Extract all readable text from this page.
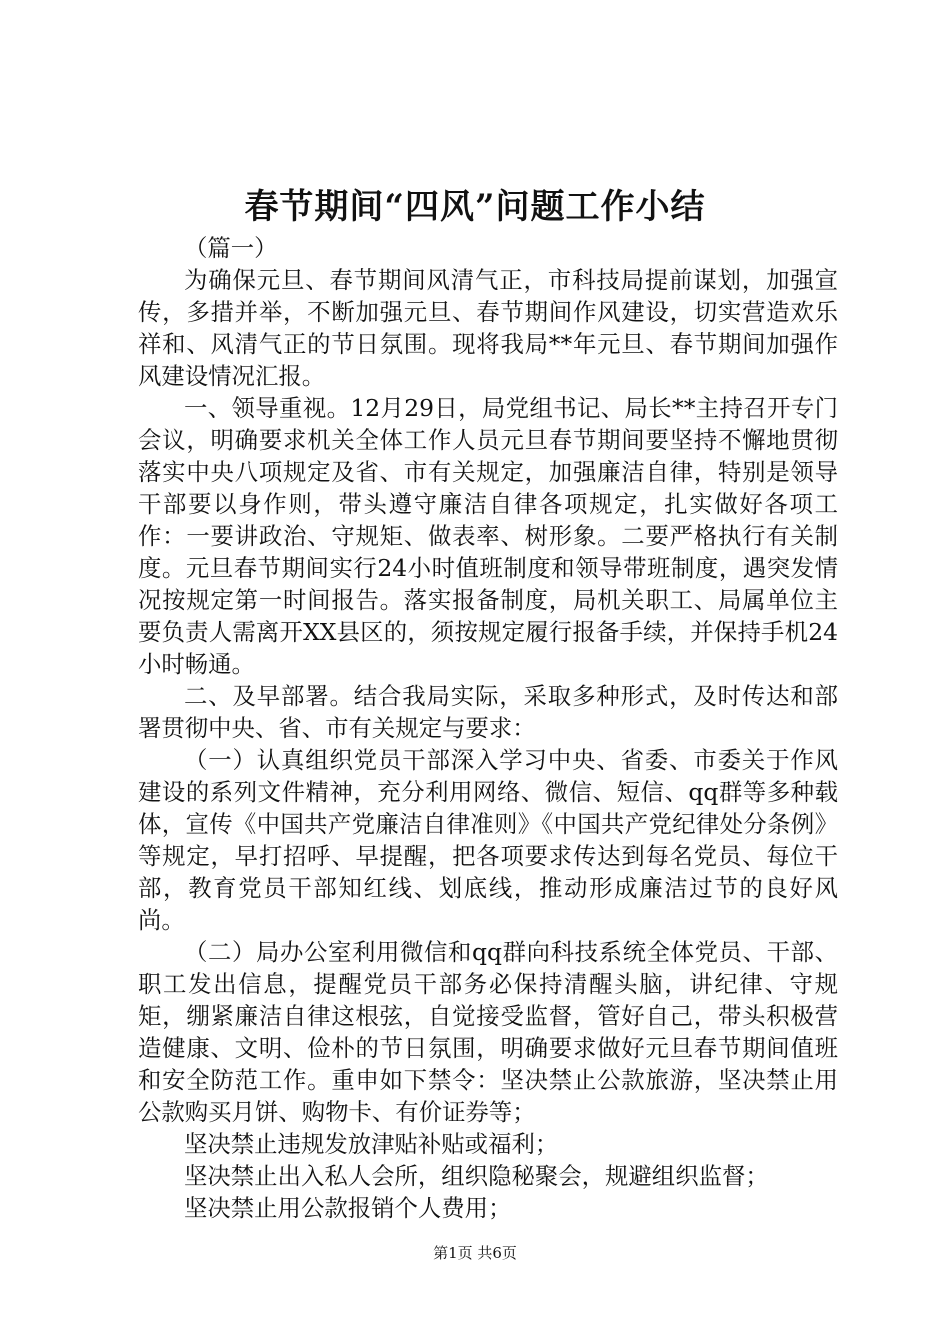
春节期间“四风”问题工作小结

（篇一）

为确保元旦、春节期间风清气正，市科技局提前谋划，加强宣传，多措并举，不断加强元旦、春节期间作风建设，切实营造欢乐祥和、风清气正的节日氛围。现将我局**年元旦、春节期间加强作风建设情况汇报。

一、领导重视。12月29日，局党组书记、局长**主持召开专门会议，明确要求机关全体工作人员元旦春节期间要坚持不懈地贯彻落实中央八项规定及省、市有关规定，加强廉洁自律，特别是领导干部要以身作则，带头遵守廉洁自律各项规定，扎实做好各项工作：一要讲政治、守规矩、做表率、树形象。二要严格执行有关制度。元旦春节期间实行24小时值班制度和领导带班制度，遇突发情况按规定第一时间报告。落实报备制度，局机关职工、局属单位主要负责人需离开XX县区的，须按规定履行报备手续，并保持手机24小时畅通。

二、及早部署。结合我局实际，采取多种形式，及时传达和部署贯彻中央、省、市有关规定与要求：

（一）认真组织党员干部深入学习中央、省委、市委关于作风建设的系列文件精神，充分利用网络、微信、短信、qq群等多种载体，宣传《中国共产党廉洁自律准则》《中国共产党纪律处分条例》等规定，早打招呼、早提醒，把各项要求传达到每名党员、每位干部，教育党员干部知红线、划底线，推动形成廉洁过节的良好风尚。

（二）局办公室利用微信和qq群向科技系统全体党员、干部、职工发出信息，提醒党员干部务必保持清醒头脑，讲纪律、守规矩，绷紧廉洁自律这根弦，自觉接受监督，管好自己，带头积极营造健康、文明、俭朴的节日氛围，明确要求做好元旦春节期间值班和安全防范工作。重申如下禁令：坚决禁止公款旅游，坚决禁止用公款购买月饼、购物卡、有价证券等；

坚决禁止违规发放津贴补贴或福利；

坚决禁止出入私人会所，组织隐秘聚会，规避组织监督；

坚决禁止用公款报销个人费用；

第1页 共6页
